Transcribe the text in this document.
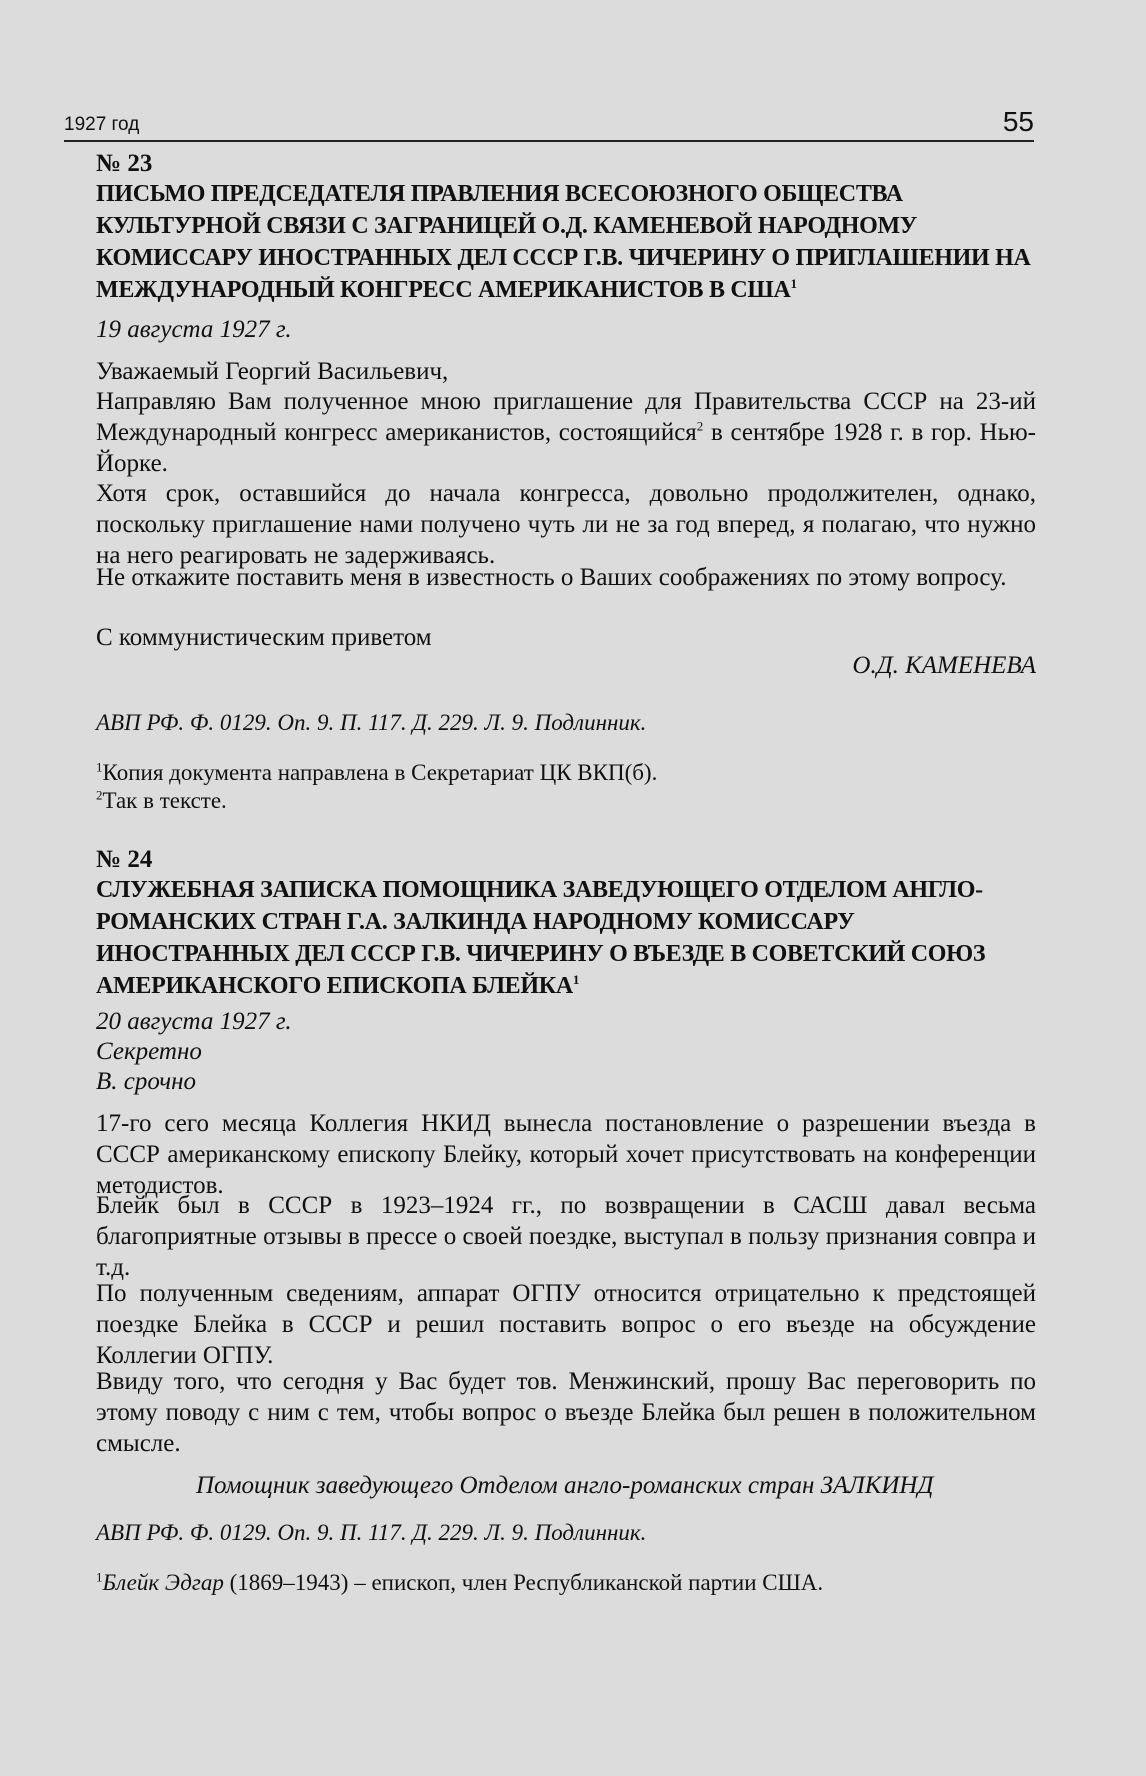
1927 год	55
№ 23
ПИСЬМО ПРЕДСЕДАТЕЛЯ ПРАВЛЕНИЯ ВСЕСОЮЗНОГО ОБЩЕСТВА КУЛЬТУРНОЙ СВЯЗИ С ЗАГРАНИЦЕЙ О.Д. КАМЕНЕВОЙ НАРОДНОМУ КОМИССАРУ ИНОСТРАННЫХ ДЕЛ СССР Г.В. ЧИЧЕРИНУ О ПРИГЛАШЕНИИ НА МЕЖДУНАРОДНЫЙ КОНГРЕСС АМЕРИКАНИСТОВ В США$^1$
19 августа 1927 г.
Уважаемый Георгий Васильевич,
Направляю Вам полученное мною приглашение для Правительства СССР на 23-ий Международный конгресс американистов, состоящийся$^2$ в сентябре 1928 г. в гор. Нью-Йорке.
Хотя срок, оставшийся до начала конгресса, довольно продолжителен, однако, поскольку приглашение нами получено чуть ли не за год вперед, я полагаю, что нужно на него реагировать не задерживаясь.
Не откажите поставить меня в известность о Ваших соображениях по этому вопросу.
С коммунистическим приветом
О.Д. КАМЕНЕВА
АВП РФ. Ф. 0129. Оп. 9. П. 117. Д. 229. Л. 9. Подлинник.
$^1$Копия документа направлена в Секретариат ЦК ВКП(б).
$^2$Так в тексте.
№ 24
СЛУЖЕБНАЯ ЗАПИСКА ПОМОЩНИКА ЗАВЕДУЮЩЕГО ОТДЕЛОМ АНГЛО-РОМАНСКИХ СТРАН Г.А. ЗАЛКИНДА НАРОДНОМУ КОМИССАРУ ИНОСТРАННЫХ ДЕЛ СССР Г.В. ЧИЧЕРИНУ О ВЪЕЗДЕ В СОВЕТСКИЙ СОЮЗ АМЕРИКАНСКОГО ЕПИСКОПА БЛЕЙКА$^1$
20 августа 1927 г.
Секретно
В. срочно
17-го сего месяца Коллегия НКИД вынесла постановление о разрешении въезда в СССР американскому епископу Блейку, который хочет присутствовать на конференции методистов.
Блейк был в СССР в 1923–1924 гг., по возвращении в САСШ давал весьма благоприятные отзывы в прессе о своей поездке, выступал в пользу признания совпра и т.д.
По полученным сведениям, аппарат ОГПУ относится отрицательно к предстоящей поездке Блейка в СССР и решил поставить вопрос о его въезде на обсуждение Коллегии ОГПУ.
Ввиду того, что сегодня у Вас будет тов. Менжинский, прошу Вас переговорить по этому поводу с ним с тем, чтобы вопрос о въезде Блейка был решен в положительном смысле.
Помощник заведующего Отделом англо-романских стран ЗАЛКИНД
АВП РФ. Ф. 0129. Оп. 9. П. 117. Д. 229. Л. 9. Подлинник.
$^1$Блейк Эдгар (1869–1943) – епископ, член Республиканской партии США.
